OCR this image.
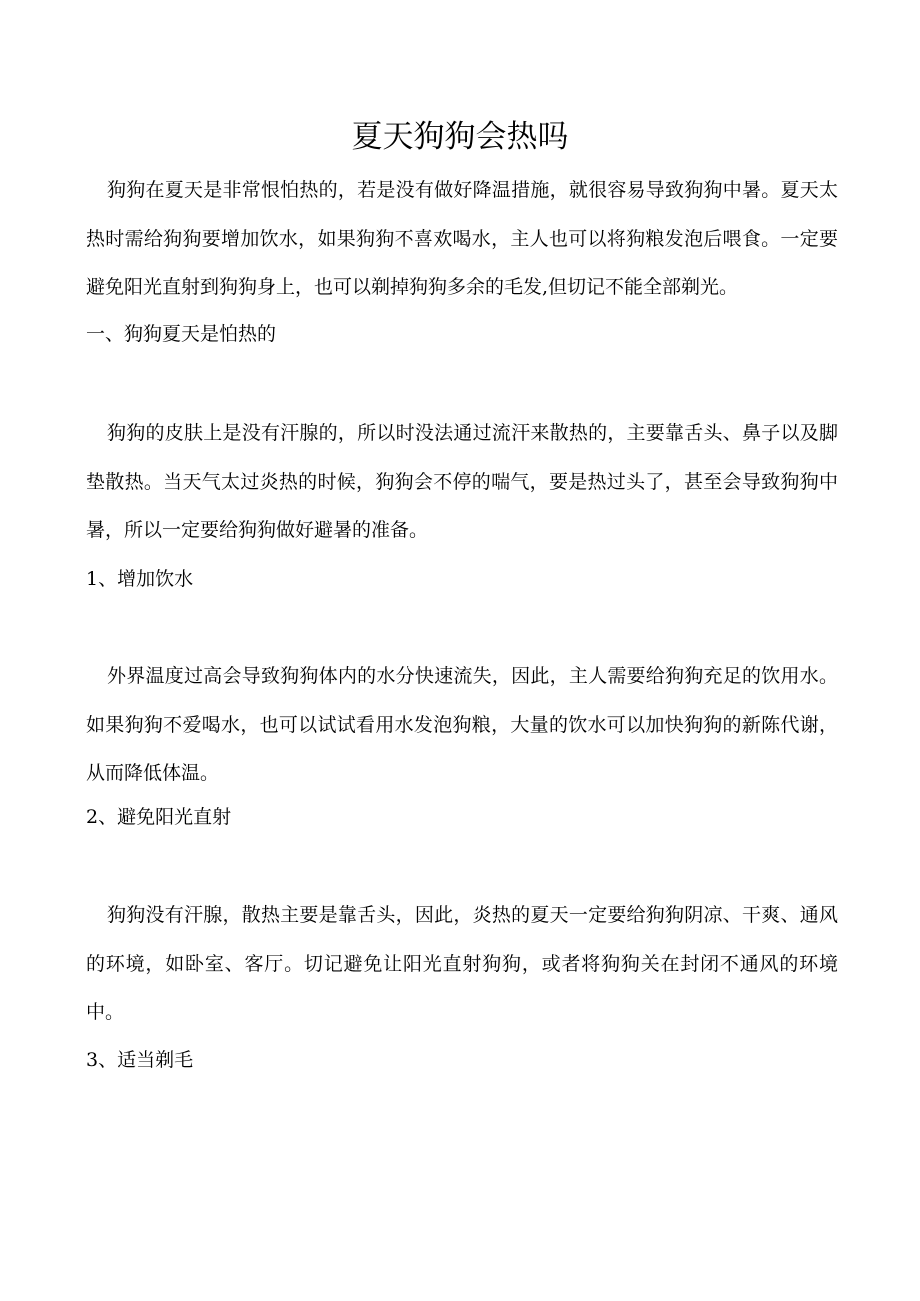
夏天狗狗会热吗

狗狗在夏天是非常恨怕热的，若是没有做好降温措施，就很容易导致狗狗中暑。夏天太热时需给狗狗要增加饮水，如果狗狗不喜欢喝水，主人也可以将狗粮发泡后喂食。一定要避免阳光直射到狗狗身上，也可以剃掉狗狗多余的毛发,但切记不能全部剃光。

一、狗狗夏天是怕热的

狗狗的皮肤上是没有汗腺的，所以时没法通过流汗来散热的，主要靠舌头、鼻子以及脚垫散热。当天气太过炎热的时候，狗狗会不停的喘气，要是热过头了，甚至会导致狗狗中暑，所以一定要给狗狗做好避暑的准备。

1、增加饮水

外界温度过高会导致狗狗体内的水分快速流失，因此，主人需要给狗狗充足的饮用水。如果狗狗不爱喝水，也可以试试看用水发泡狗粮，大量的饮水可以加快狗狗的新陈代谢，从而降低体温。

2、避免阳光直射

狗狗没有汗腺，散热主要是靠舌头，因此，炎热的夏天一定要给狗狗阴凉、干爽、通风的环境，如卧室、客厅。切记避免让阳光直射狗狗，或者将狗狗关在封闭不通风的环境中。

3、适当剃毛
